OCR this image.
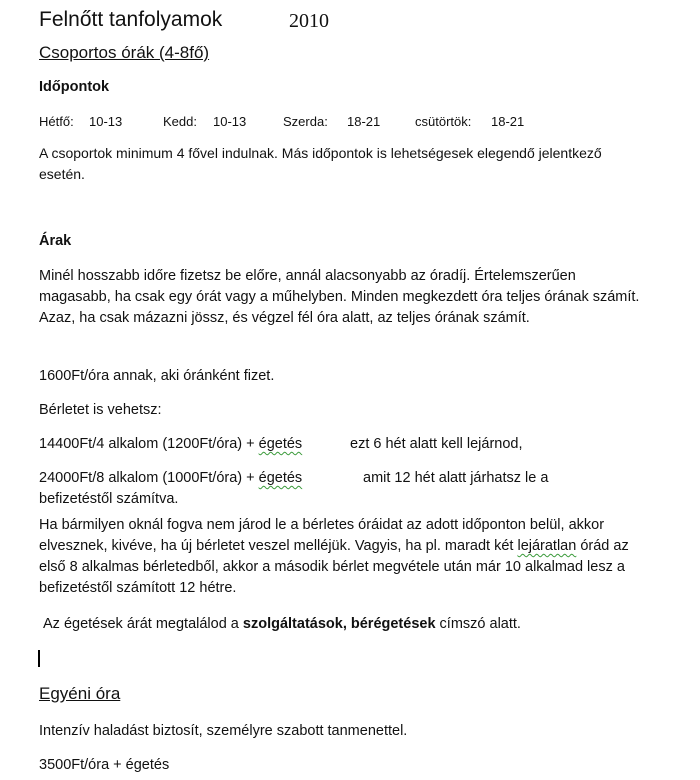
Felnőtt tanfolyamok	2010
Csoportos órák (4-8fő)
Időpontok
Hétfő: 10-13	Kedd: 10-13	Szerda: 18-21	csütörtök: 18-21
A csoportok minimum 4 fővel indulnak. Más időpontok is lehetségesek elegendő jelentkező esetén.
Árak
Minél hosszabb időre fizetsz be előre, annál alacsonyabb az óradíj. Értelemszerűen magasabb, ha csak egy órát vagy a műhelyben. Minden megkezdett óra teljes órának számít. Azaz, ha csak mázazni jössz, és végzel fél óra alatt, az teljes órának számít.
1600Ft/óra annak, aki óránként fizet.
Bérletet is vehetsz:
14400Ft/4 alkalom (1200Ft/óra) + égetés	ezt 6 hét alatt kell lejárnod,
24000Ft/8 alkalom (1000Ft/óra) + égetés	amit 12 hét alatt járhatsz le a
befizetéstől számítva.
Ha bármilyen oknál fogva nem járod le a bérletes óráidat az adott időponton belül, akkor elvesznek, kivéve, ha új bérletet veszel melléjük. Vagyis, ha pl. maradt két lejáratlan órád az első 8 alkalmas bérletedből, akkor a második bérlet megvétele után már 10 alkalmad lesz a befizetéstől számított 12 hétre.
Az égetések árát megtalálod a szolgáltatások, bérégetések címszó alatt.
Egyéni óra
Intenzív haladást biztosít, személyre szabott tanmenettel.
3500Ft/óra + égetés
